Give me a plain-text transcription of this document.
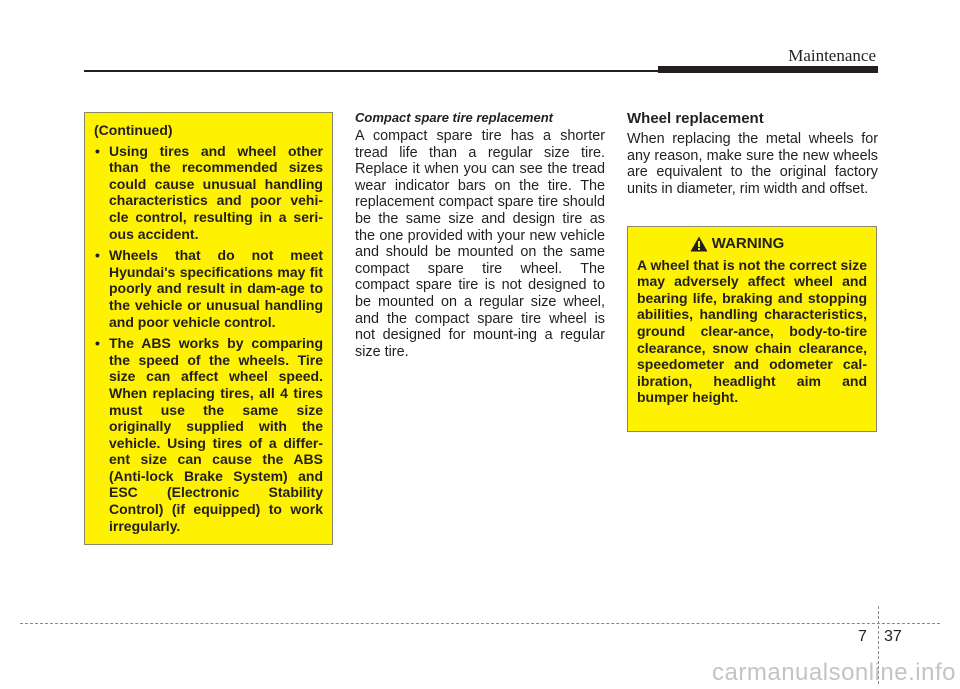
Maintenance
(Continued)
• Using tires and wheel other than the recommended sizes could cause unusual handling characteristics and poor vehi-cle control, resulting in a seri-ous accident.
• Wheels that do not meet Hyundai's specifications may fit poorly and result in dam-age to the vehicle or unusual handling and poor vehicle control.
• The ABS works by comparing the speed of the wheels. Tire size can affect wheel speed. When replacing tires, all 4 tires must use the same size originally supplied with the vehicle. Using tires of a differ-ent size can cause the ABS (Anti-lock Brake System) and ESC (Electronic Stability Control) (if equipped) to work irregularly.
Compact spare tire replacement

A compact spare tire has a shorter tread life than a regular size tire. Replace it when you can see the tread wear indicator bars on the tire. The replacement compact spare tire should be the same size and design tire as the one provided with your new vehicle and should be mounted on the same compact spare tire wheel. The compact spare tire is not designed to be mounted on a regular size wheel, and the compact spare tire wheel is not designed for mount-ing a regular size tire.

Wheel replacement

When replacing the metal wheels for any reason, make sure the new wheels are equivalent to the original factory units in diameter, rim width and offset.

WARNING

A wheel that is not the correct size may adversely affect wheel and bearing life, braking and stopping abilities, handling characteristics, ground clear-ance, body-to-tire clearance, snow chain clearance, speedometer and odometer cal-ibration, headlight aim and bumper height.

7 37
carmanualsonline.info
